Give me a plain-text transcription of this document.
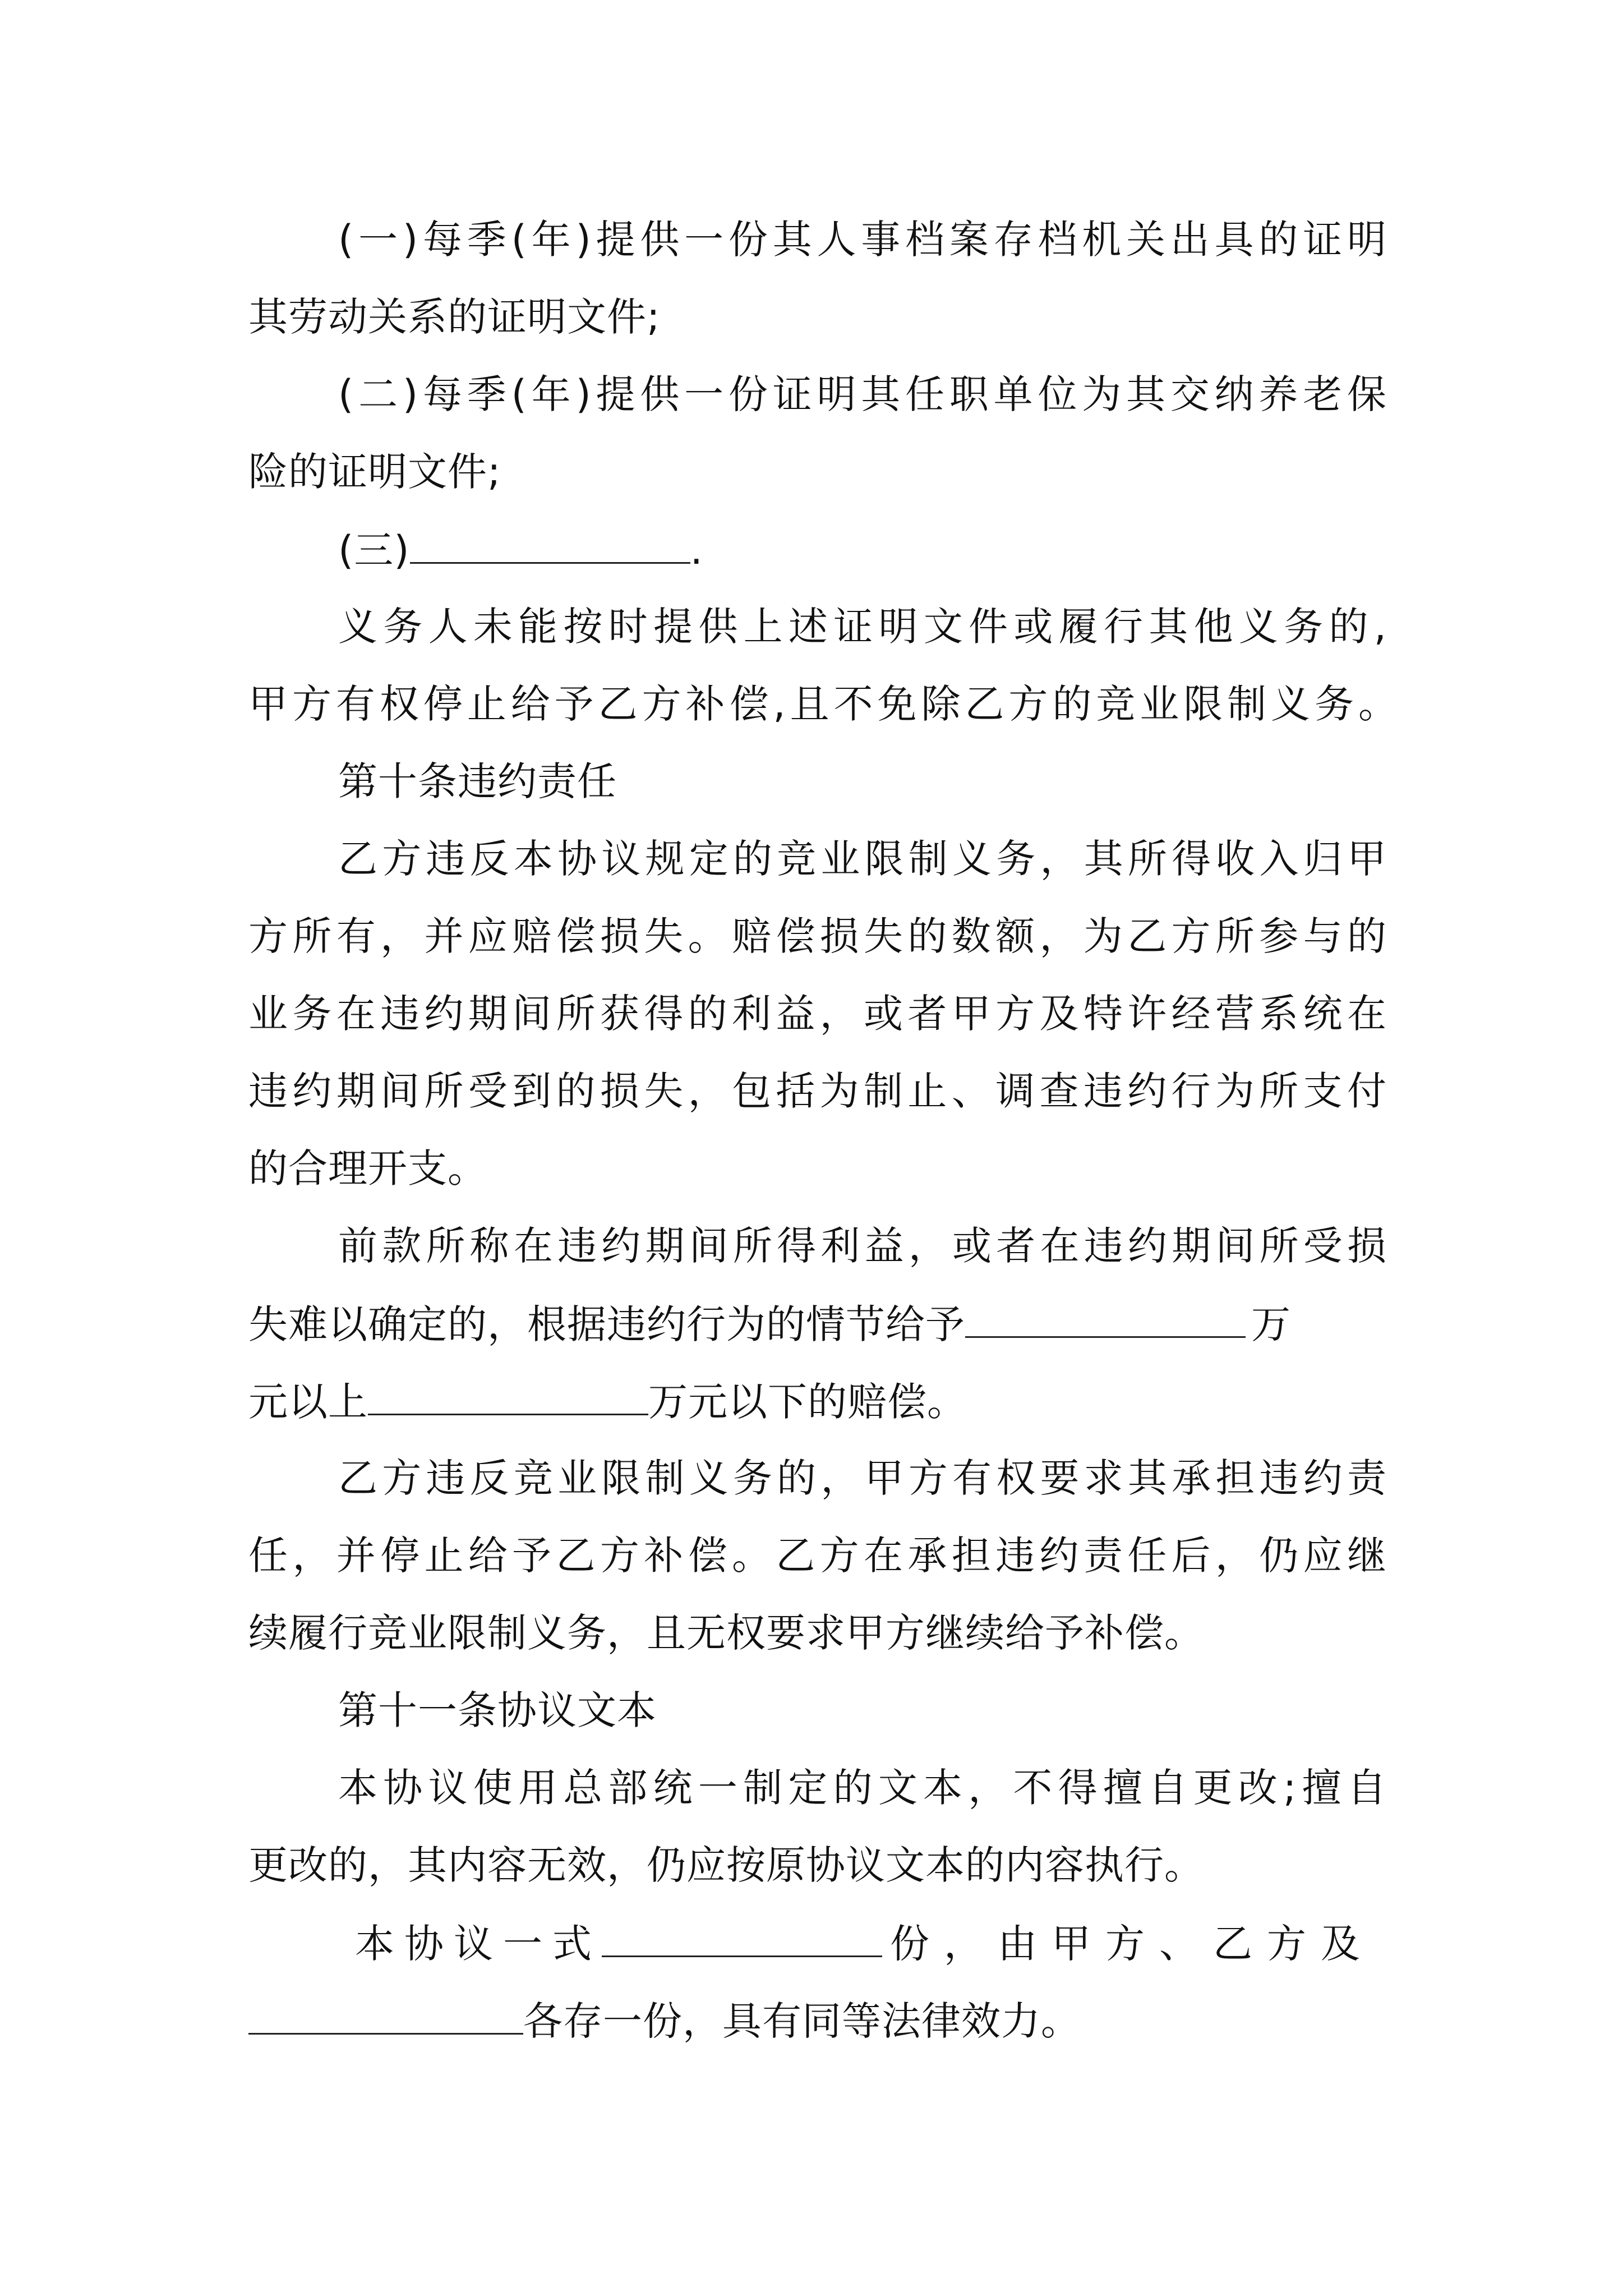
(一)每季(年)提供一份其人事档案存档机关出具的证明
其劳动关系的证明文件;
(二)每季(年)提供一份证明其任职单位为其交纳养老保
险的证明文件;
(三)	.
义务人未能按时提供上述证明文件或履行其他义务的,
甲方有权停止给予乙方补偿,且不免除乙方的竞业限制义务。
第十条违约责任
乙方违反本协议规定的竞业限制义务，其所得收入归甲
方所有，并应赔偿损失。赔偿损失的数额，为乙方所参与的
业务在违约期间所获得的利益，或者甲方及特许经营系统在
违约期间所受到的损失，包括为制止、调查违约行为所支付
的合理开支。
前款所称在违约期间所得利益，或者在违约期间所受损
失难以确定的，根据违约行为的情节给予	万
元以上	万元以下的赔偿。
乙方违反竞业限制义务的，甲方有权要求其承担违约责
任，并停止给予乙方补偿。乙方在承担违约责任后，仍应继
续履行竞业限制义务，且无权要求甲方继续给予补偿。
第十一条协议文本
本协议使用总部统一制定的文本，不得擅自更改;擅自
更改的，其内容无效，仍应按原协议文本的内容执行。
本协议一式	份，由甲方、乙方及
各存一份，具有同等法律效力。
